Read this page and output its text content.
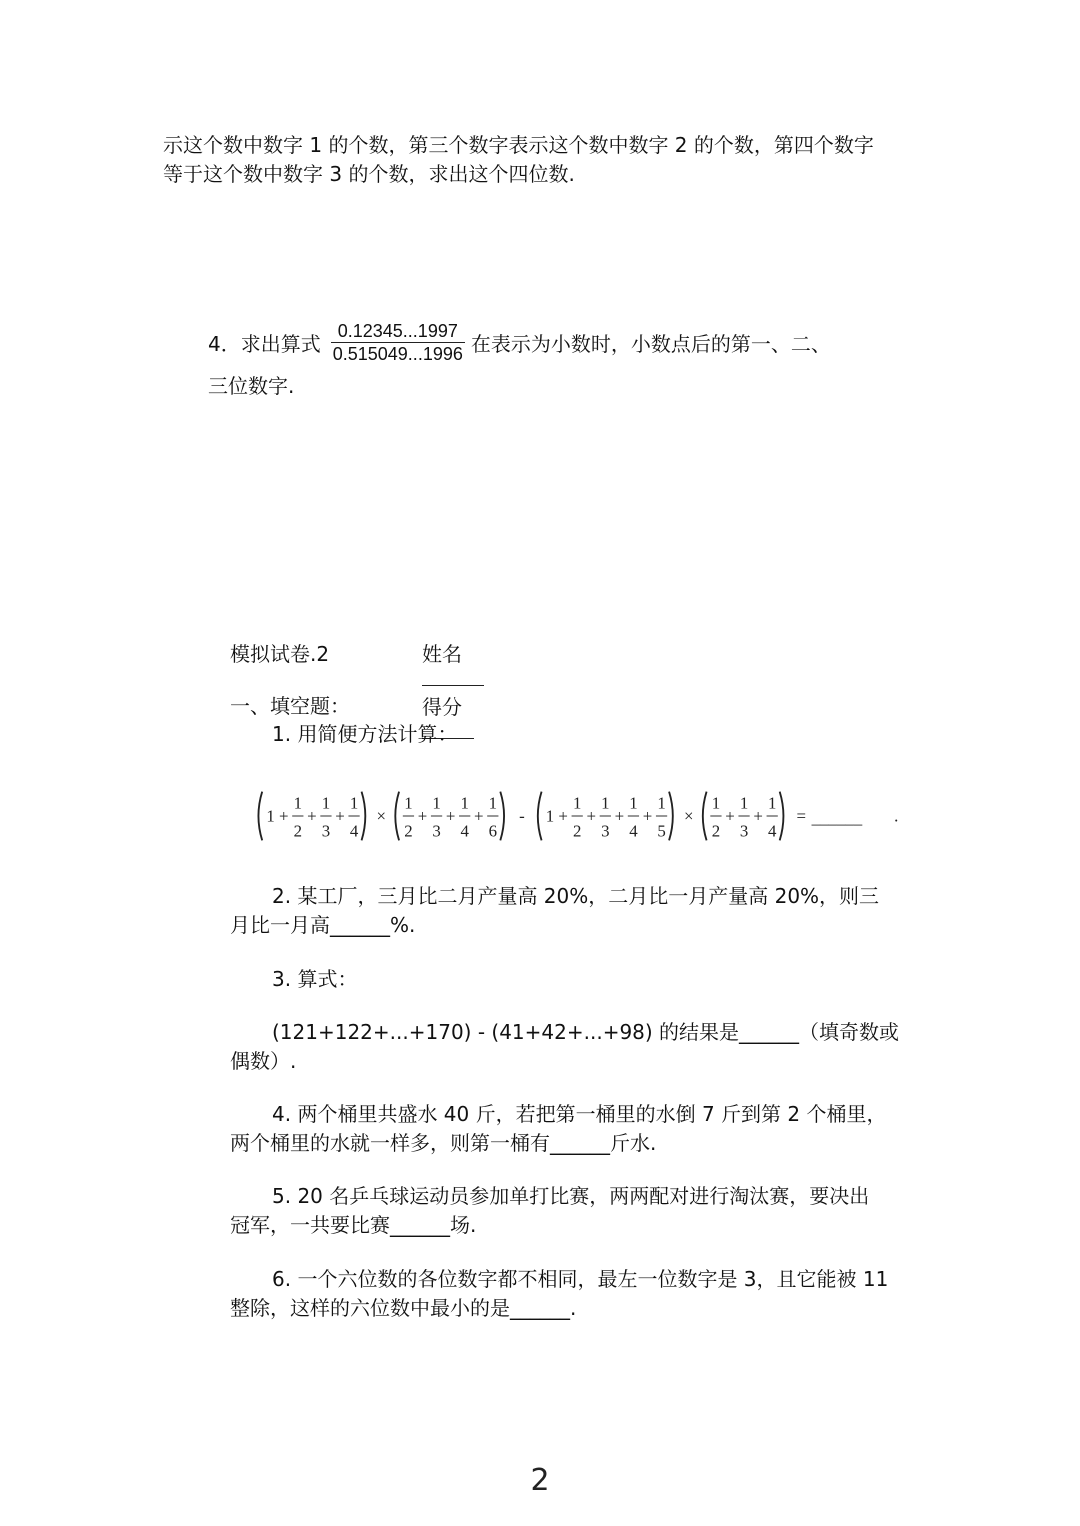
示这个数中数字 1 的个数，第三个数字表示这个数中数字 2 的个数，第四个数字
等于这个数中数字 3 的个数，求出这个四位数.
4．求出算式 $\frac{0.12345...1997}{0.515049...1996}$ 在表示为小数时，小数点后的第一、二、
三位数字.
模拟试卷.2	姓名得分
一、填空题：
1. 用简便方法计算：
1 +
1
2
+
1
3
+
1
4
×
1
2
+
1
3
+
1
4
+
1
6
- 1 +
1
2
+
1
3
+
1
4
+
1
5
×
1
2
+
1
3
+
1
4
= ______ .
2. 某工厂，三月比二月产量高 20%，二月比一月产量高 20%，则三
月比一月高______%.
3. 算式：
(121+122+...+170) - (41+42+...+98) 的结果是______（填奇数或
偶数）.
4. 两个桶里共盛水 40 斤，若把第一桶里的水倒 7 斤到第 2 个桶里，
两个桶里的水就一样多，则第一桶有______斤水.
5. 20 名乒乓球运动员参加单打比赛，两两配对进行淘汰赛，要决出
冠军，一共要比赛______场.
6. 一个六位数的各位数字都不相同，最左一位数字是 3，且它能被 11
整除，这样的六位数中最小的是______.
2
